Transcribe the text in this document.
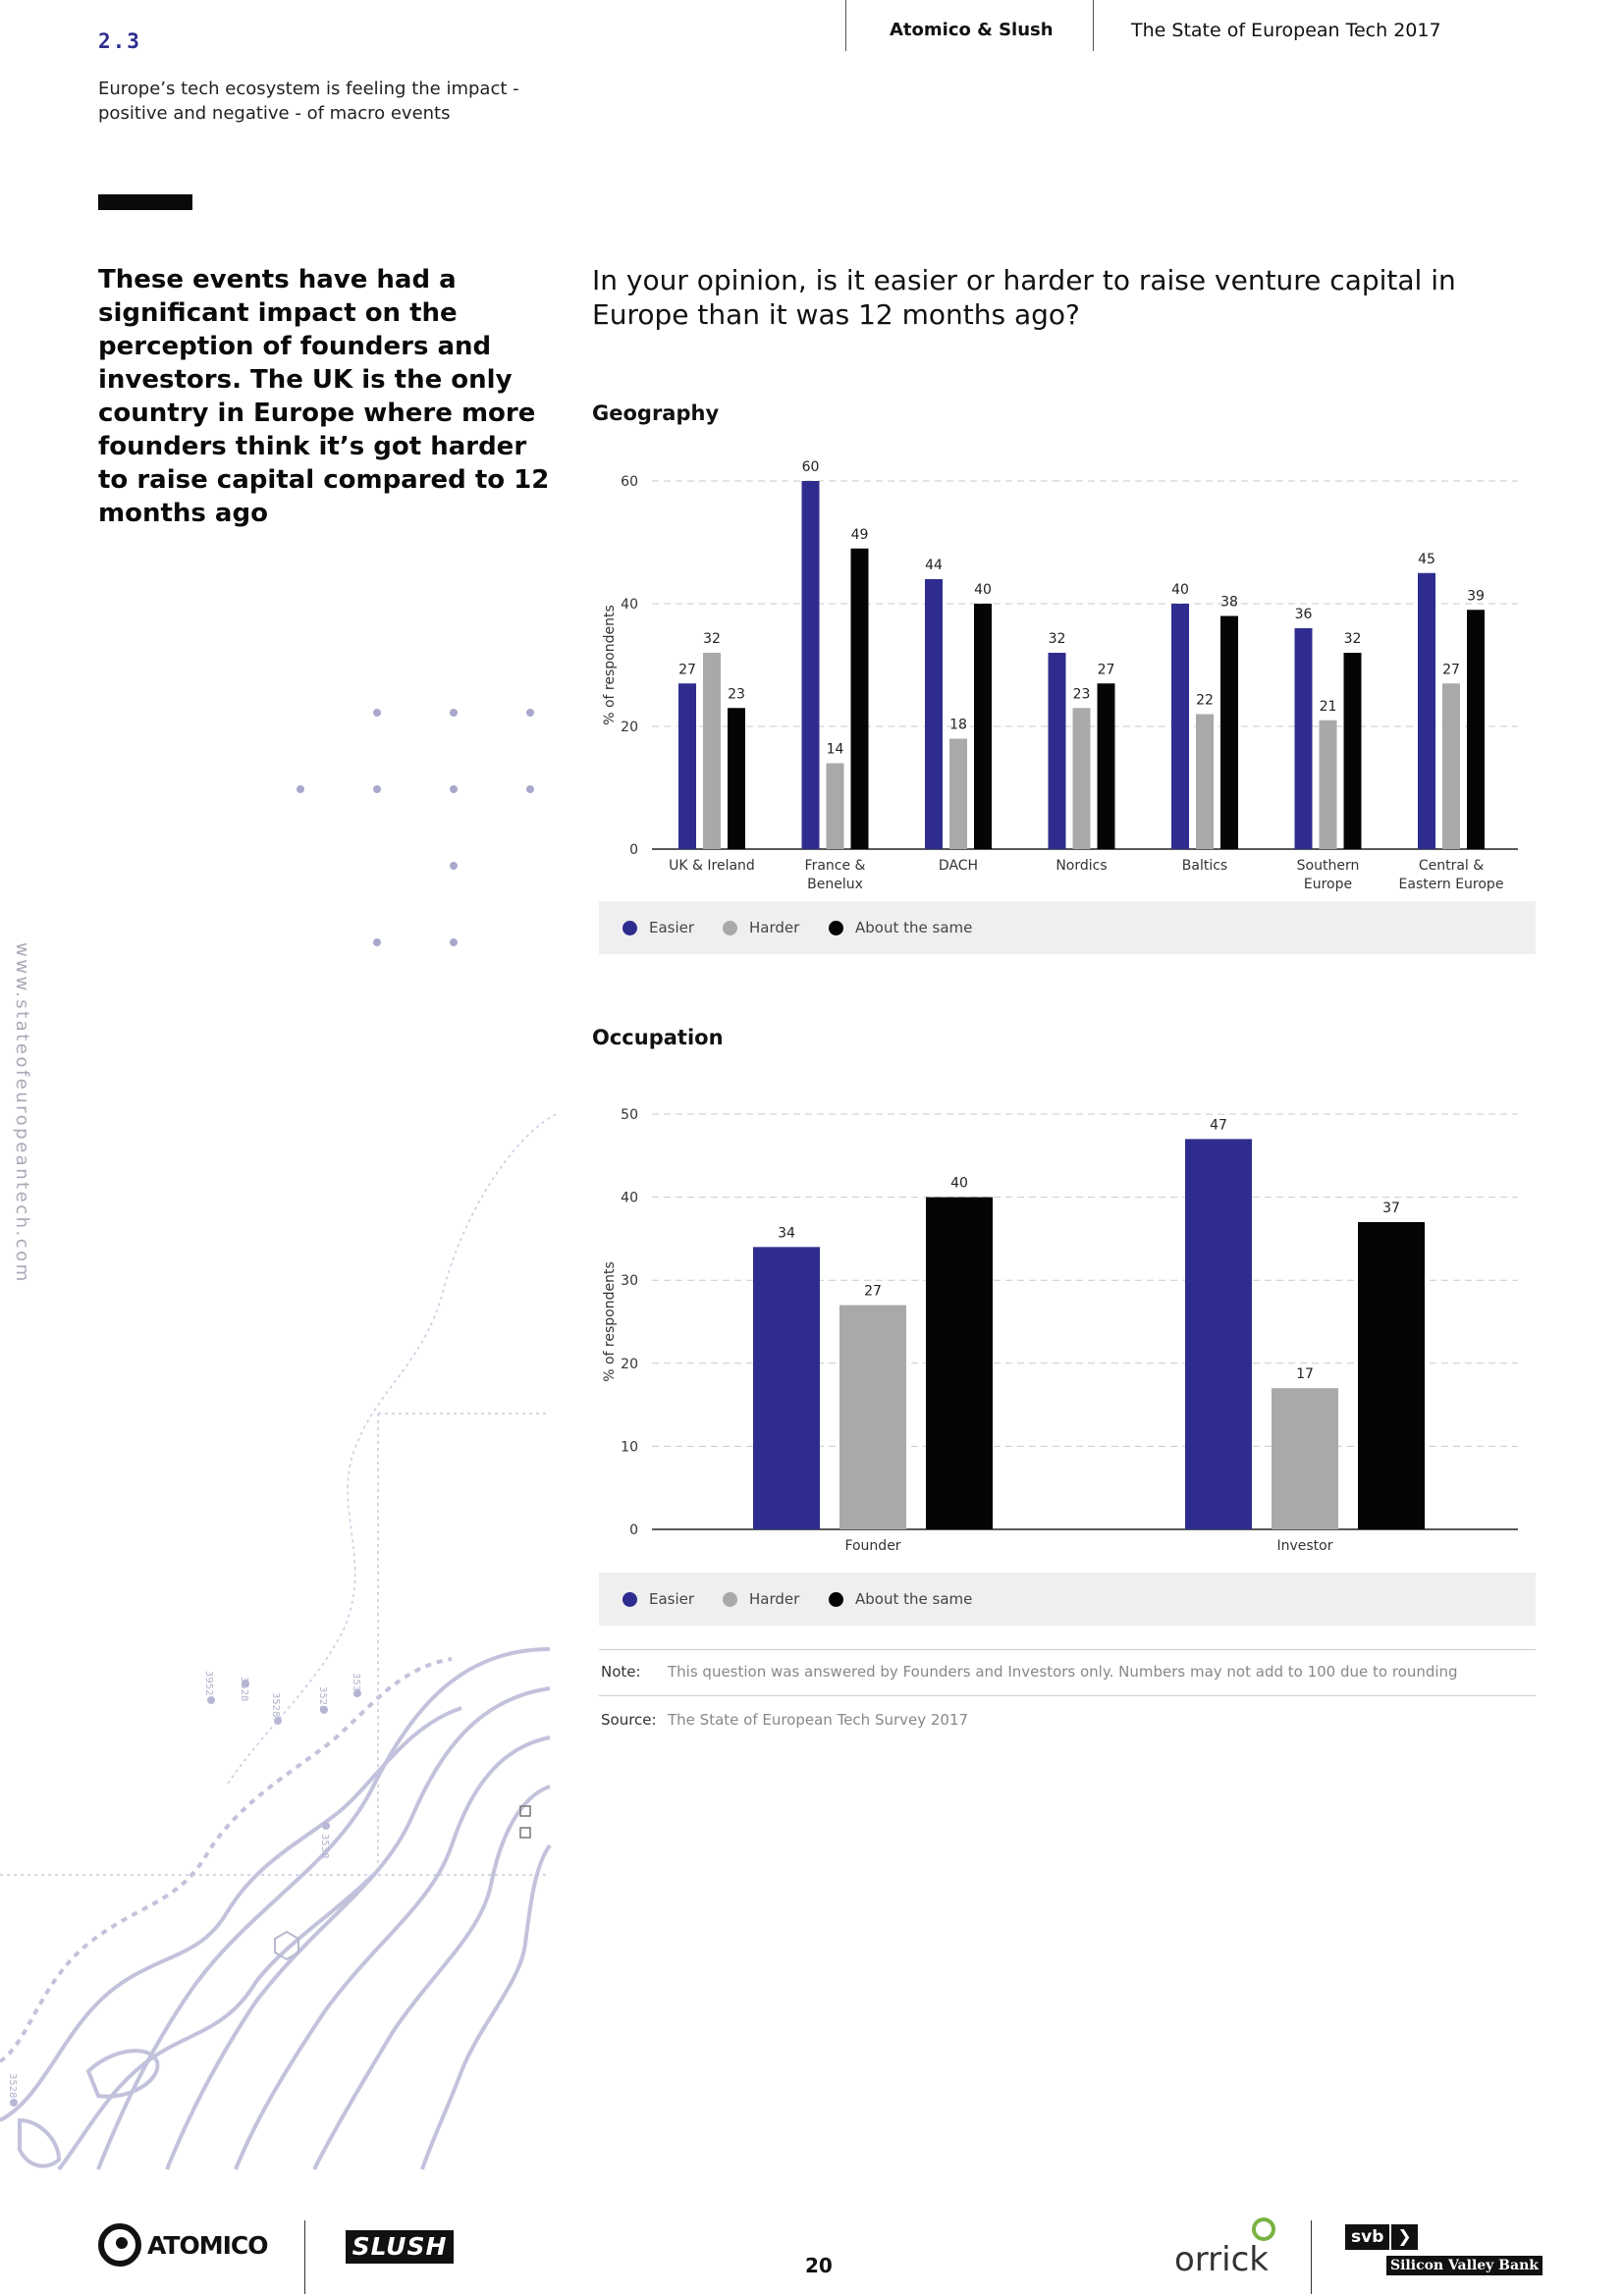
2.3
Europe’s tech ecosystem is feeling the impact - positive and negative - of macro events
Atomico & Slush	The State of European Tech 2017
These events have had a significant impact on the perception of founders and investors. The UK is the only country in Europe where more founders think it’s got harder to raise capital compared to 12 months ago
In your opinion, is it easier or harder to raise venture capital in Europe than it was 12 months ago?
www.stateofeuropeantech.com
3952	3528
3528	3528
3539
3538
3528
Geography
0
20
40
60
% of respondents	27
32
23
UK & Ireland
60
14
49
France &
Benelux
44
18
40
DACH
32
23
27
Nordics
40
22
38
Baltics
36
21
32
Southern
Europe
45
27
39
Central &
Eastern Europe
Easier	Harder	About the same
Occupation
0
10
20
30
40
50
% of respondents
34
27
40
Founder
47
17
37
Investor
Easier	Harder	About the same
Note: This question was answered by Founders and Investors only. Numbers may not add to 100 due to rounding
Source: The State of European Tech Survey 2017
ATOMICO	SLUSH
20	orrick
svb ❯
Silicon Valley Bank
